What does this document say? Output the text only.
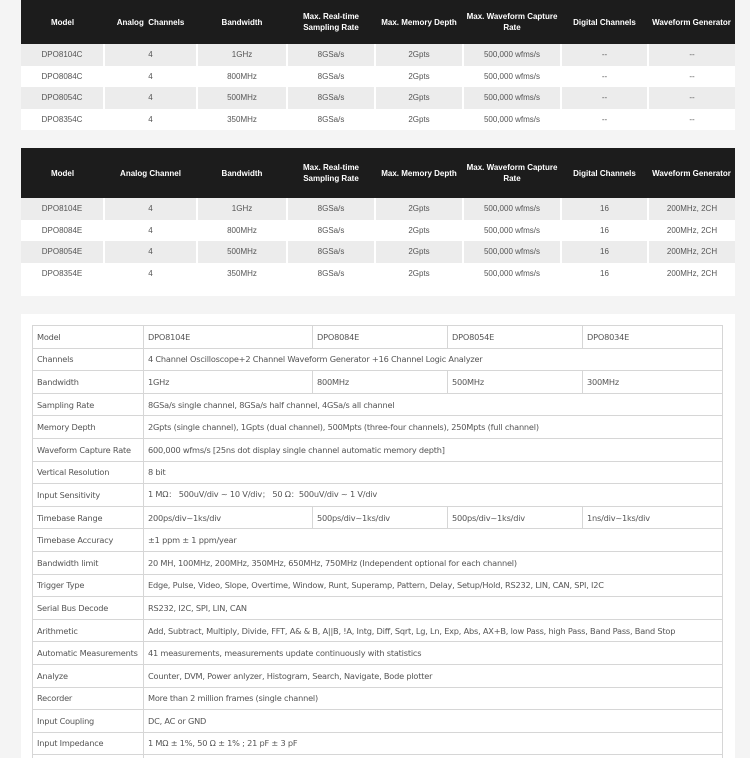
Model	Analog  Channels	Bandwidth	Max. Real-time Sampling Rate	Max. Memory Depth	Max. Waveform Capture Rate	Digital Channels	Waveform Generator
DPO8104C	4	1GHz	8GSa/s	2Gpts	500,000 wfms/s	--	--
DPO8084C	4	800MHz	8GSa/s	2Gpts	500,000 wfms/s	--	--
DPO8054C	4	500MHz	8GSa/s	2Gpts	500,000 wfms/s	--	--
DPO8354C	4	350MHz	8GSa/s	2Gpts	500,000 wfms/s	--	--
Model	Analog Channel	Bandwidth	Max. Real-time Sampling Rate	Max. Memory Depth	Max. Waveform Capture Rate	Digital Channels	Waveform Generator
DPO8104E	4	1GHz	8GSa/s	2Gpts	500,000 wfms/s	16	200MHz, 2CH
DPO8084E	4	800MHz	8GSa/s	2Gpts	500,000 wfms/s	16	200MHz, 2CH
DPO8054E	4	500MHz	8GSa/s	2Gpts	500,000 wfms/s	16	200MHz, 2CH
DPO8354E	4	350MHz	8GSa/s	2Gpts	500,000 wfms/s	16	200MHz, 2CH
Model	DPO8104E	DPO8084E	DPO8054E	DPO8034E
Channels	4 Channel Oscilloscope+2 Channel Waveform Generator +16 Channel Logic Analyzer			
Bandwidth	1GHz	800MHz	500MHz	300MHz
Sampling Rate	8GSa/s single channel, 8GSa/s half channel, 4GSa/s all channel			
Memory Depth	2Gpts (single channel), 1Gpts (dual channel), 500Mpts (three-four channels), 250Mpts (full channel)			
Waveform Capture Rate	600,000 wfms/s [25ns dot display single channel automatic memory depth]			
Vertical Resolution	8 bit			
Input Sensitivity	1 MΩ： 500uV/div ~ 10 V/div； 50 Ω：500uV/div ~ 1 V/div			
Timebase Range	200ps/div~1ks/div	500ps/div~1ks/div	500ps/div~1ks/div	1ns/div~1ks/div
Timebase Accuracy	±1 ppm ± 1 ppm/year			
Bandwidth limit	20 MH, 100MHz, 200MHz, 350MHz, 650MHz, 750MHz (Independent optional for each channel)			
Trigger Type	Edge, Pulse, Video, Slope, Overtime, Window, Runt, Superamp, Pattern, Delay, Setup/Hold, RS232, LIN, CAN, SPI, I2C			
Serial Bus Decode	RS232, I2C, SPI, LIN, CAN			
Arithmetic	Add, Subtract, Multiply, Divide, FFT, A& & B, A||B, !A, Intg, Diff, Sqrt, Lg, Ln, Exp, Abs, AX+B, low Pass, high Pass, Band Pass, Band Stop			
Automatic Measurements	41 measurements, measurements update continuously with statistics			
Analyze	Counter, DVM, Power anlyzer, Histogram, Search, Navigate, Bode plotter			
Recorder	More than 2 million frames (single channel)			
Input Coupling	DC, AC or GND			
Input Impedance	1 MΩ ± 1%, 50 Ω ± 1% ; 21 pF ± 3 pF			
